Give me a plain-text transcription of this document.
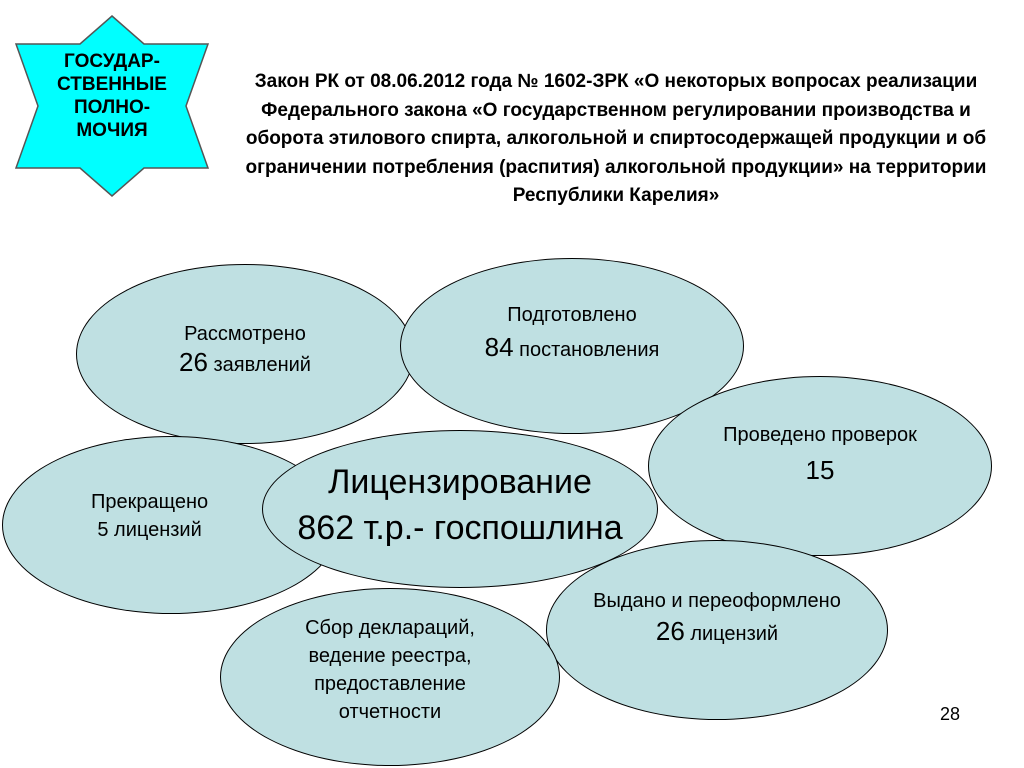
ГОСУДАР-
СТВЕННЫЕ
ПОЛНО-
МОЧИЯ
Закон РК от 08.06.2012 года № 1602-ЗРК «О некоторых вопросах реализации Федерального закона «О государственном регулировании производства и оборота этилового спирта, алкогольной и спиртосодержащей продукции и об ограничении потребления (распития) алкогольной продукции» на территории Республики Карелия»
Рассмотрено
26 заявлений
Подготовлено
84 постановления
Проведено проверок
15
Прекращено
5 лицензий
Выдано и переоформлено
26 лицензий
Сбор деклараций,
ведение реестра,
предоставление
отчетности
Лицензирование
862 т.р.- госпошлина
28
